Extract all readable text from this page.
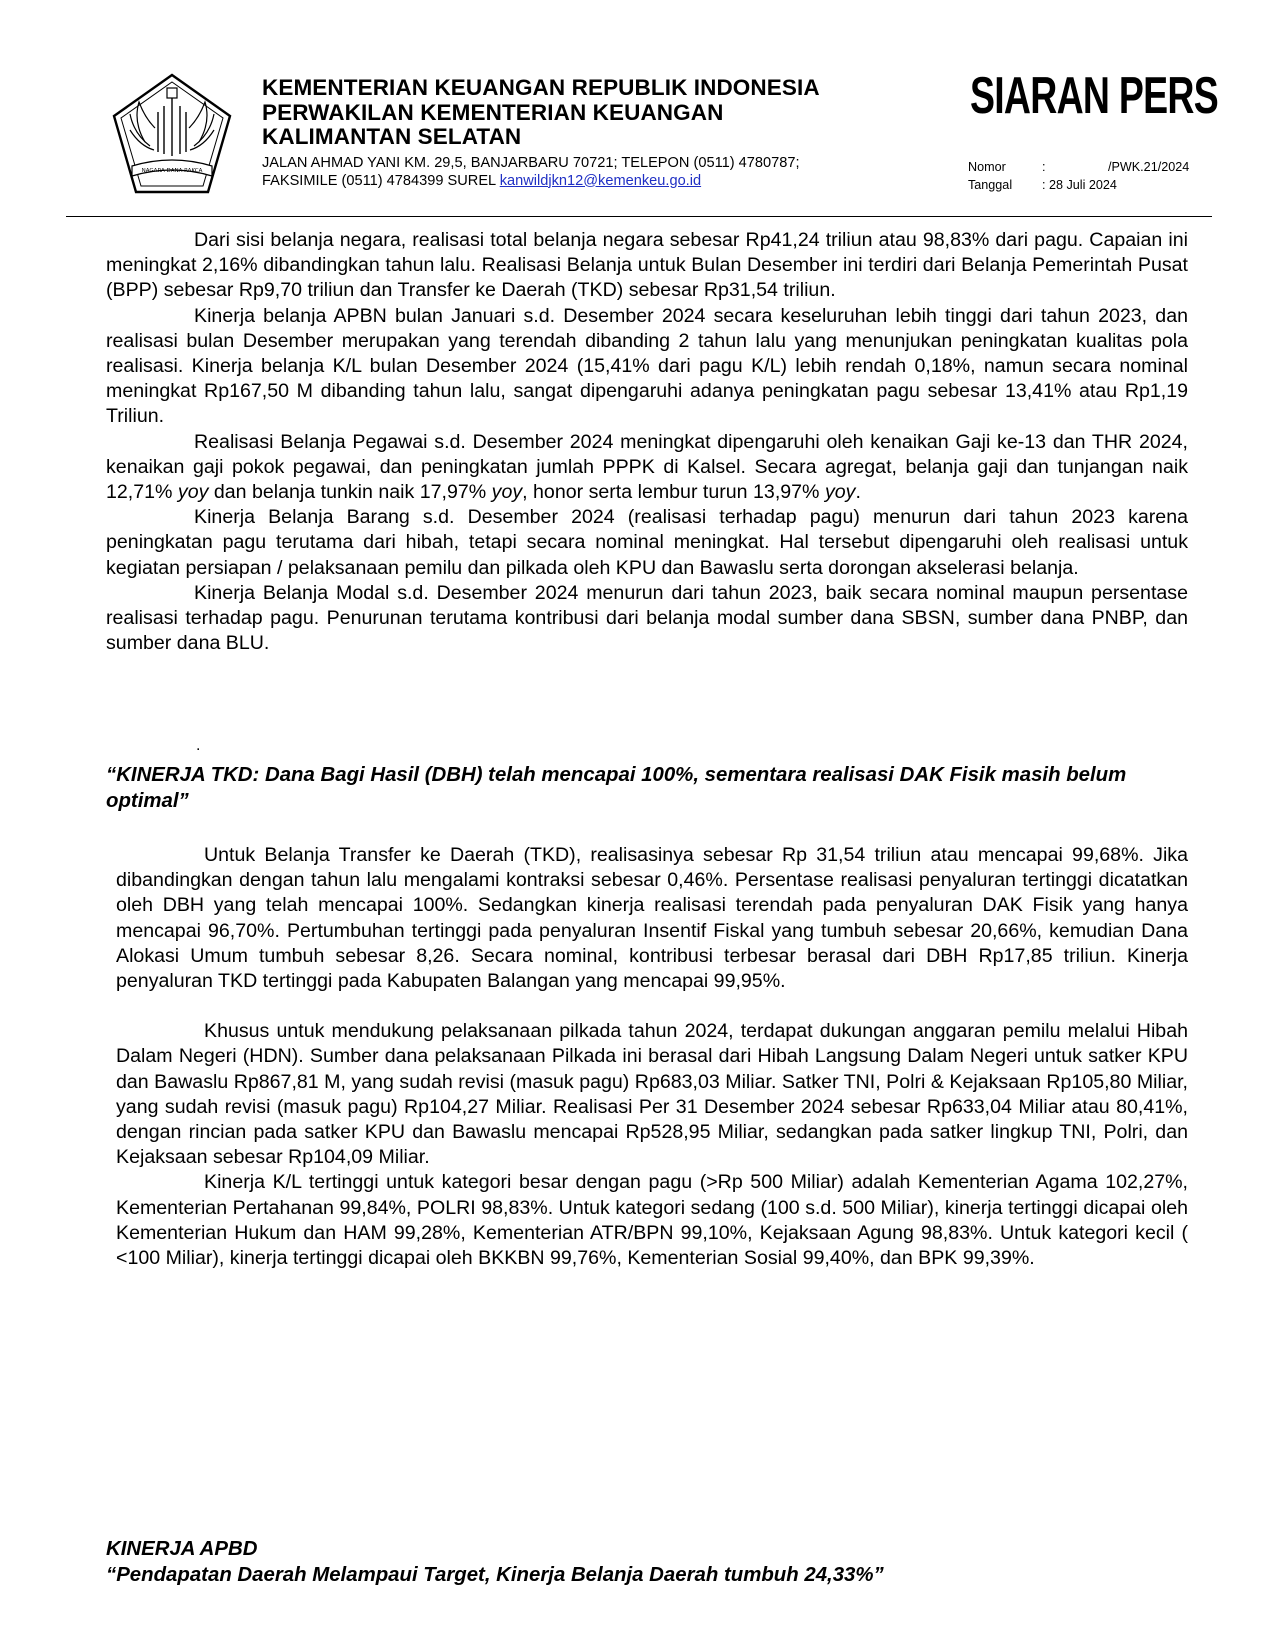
NAGARA DANA RAKCA
KEMENTERIAN KEUANGAN REPUBLIK INDONESIA
PERWAKILAN KEMENTERIAN KEUANGAN
KALIMANTAN SELATAN
JALAN AHMAD YANI KM. 29,5, BANJARBARU 70721; TELEPON (0511) 4780787;
FAKSIMILE (0511) 4784399 SUREL kanwildjkn12@kemenkeu.go.id
SIARAN PERS
Nomor	:	/PWK.21/2024
Tanggal	: 28 Juli 2024

Dari sisi belanja negara, realisasi total belanja negara sebesar Rp41,24 triliun atau 98,83% dari pagu. Capaian ini meningkat 2,16% dibandingkan tahun lalu. Realisasi Belanja untuk Bulan Desember ini terdiri dari Belanja Pemerintah Pusat (BPP) sebesar Rp9,70 triliun dan Transfer ke Daerah (TKD) sebesar Rp31,54 triliun.

Kinerja belanja APBN bulan Januari s.d. Desember 2024 secara keseluruhan lebih tinggi dari tahun 2023, dan realisasi bulan Desember merupakan yang terendah dibanding 2 tahun lalu yang menunjukan peningkatan kualitas pola realisasi. Kinerja belanja K/L bulan Desember 2024 (15,41% dari pagu K/L) lebih rendah 0,18%, namun secara nominal meningkat Rp167,50 M dibanding tahun lalu, sangat dipengaruhi adanya peningkatan pagu sebesar 13,41% atau Rp1,19 Triliun.

Realisasi Belanja Pegawai s.d. Desember 2024 meningkat dipengaruhi oleh kenaikan Gaji ke-13 dan THR 2024, kenaikan gaji pokok pegawai, dan peningkatan jumlah PPPK di Kalsel. Secara agregat, belanja gaji dan tunjangan naik 12,71% yoy dan belanja tunkin naik 17,97% yoy, honor serta lembur turun 13,97% yoy.

Kinerja Belanja Barang s.d. Desember 2024 (realisasi terhadap pagu) menurun dari tahun 2023 karena peningkatan pagu terutama dari hibah, tetapi secara nominal meningkat. Hal tersebut dipengaruhi oleh realisasi untuk kegiatan persiapan / pelaksanaan pemilu dan pilkada oleh KPU dan Bawaslu serta dorongan akselerasi belanja.

Kinerja Belanja Modal s.d. Desember 2024 menurun dari tahun 2023, baik secara nominal maupun persentase realisasi terhadap pagu. Penurunan terutama kontribusi dari belanja modal sumber dana SBSN, sumber dana PNBP, dan sumber dana BLU.

.

“KINERJA TKD: Dana Bagi Hasil (DBH) telah mencapai 100%, sementara realisasi DAK Fisik masih belum optimal”

Untuk Belanja Transfer ke Daerah (TKD), realisasinya sebesar Rp 31,54 triliun atau mencapai 99,68%. Jika dibandingkan dengan tahun lalu mengalami kontraksi sebesar 0,46%. Persentase realisasi penyaluran tertinggi dicatatkan oleh DBH yang telah mencapai 100%. Sedangkan kinerja realisasi terendah pada penyaluran DAK Fisik yang hanya mencapai 96,70%. Pertumbuhan tertinggi pada penyaluran Insentif Fiskal yang tumbuh sebesar 20,66%, kemudian Dana Alokasi Umum tumbuh sebesar 8,26. Secara nominal, kontribusi terbesar berasal dari DBH Rp17,85 triliun. Kinerja penyaluran TKD tertinggi pada Kabupaten Balangan yang mencapai 99,95%.

Khusus untuk mendukung pelaksanaan pilkada tahun 2024, terdapat dukungan anggaran pemilu melalui Hibah Dalam Negeri (HDN). Sumber dana pelaksanaan Pilkada ini berasal dari Hibah Langsung Dalam Negeri untuk satker KPU dan Bawaslu Rp867,81 M, yang sudah revisi (masuk pagu) Rp683,03 Miliar. Satker TNI, Polri & Kejaksaan Rp105,80 Miliar, yang sudah revisi (masuk pagu) Rp104,27 Miliar. Realisasi Per 31 Desember 2024 sebesar Rp633,04 Miliar atau 80,41%, dengan rincian pada satker KPU dan Bawaslu mencapai Rp528,95 Miliar, sedangkan pada satker lingkup TNI, Polri, dan Kejaksaan sebesar Rp104,09 Miliar.

Kinerja K/L tertinggi untuk kategori besar dengan pagu (>Rp 500 Miliar) adalah Kementerian Agama 102,27%, Kementerian Pertahanan 99,84%, POLRI 98,83%. Untuk kategori sedang (100 s.d. 500 Miliar), kinerja tertinggi dicapai oleh Kementerian Hukum dan HAM 99,28%, Kementerian ATR/BPN 99,10%, Kejaksaan Agung 98,83%. Untuk kategori kecil ( <100 Miliar), kinerja tertinggi dicapai oleh BKKBN 99,76%, Kementerian Sosial 99,40%, dan BPK 99,39%.

KINERJA APBD
“Pendapatan Daerah Melampaui Target, Kinerja Belanja Daerah tumbuh 24,33%”
